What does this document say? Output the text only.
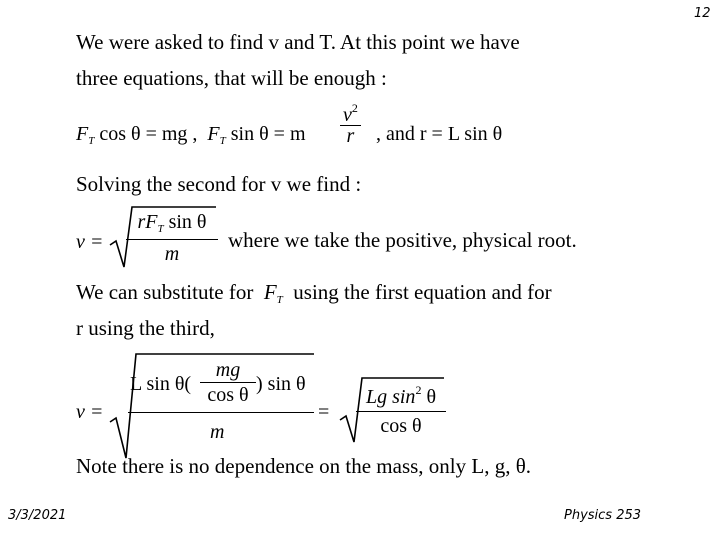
12
We were asked to find v and T. At this point we have
three equations, that will be enough :
$F_T$ cos θ = mg , $F_T$ sin θ = m $\frac{v^2}{r}$ , and r = L sin θ
Solving the second for v we find :
v =
$rF_T$ sin θ
m
where we take the positive, physical root.
We can substitute for $F_T$ using the first equation and for
r using the third,
v =
L sin θ(
mg
cos θ ) sin θ
m
=
Lg $\sin^2 \theta$
cos θ
Note there is no dependence on the mass, only L, g, θ.
3/3/2021	Physics 253
